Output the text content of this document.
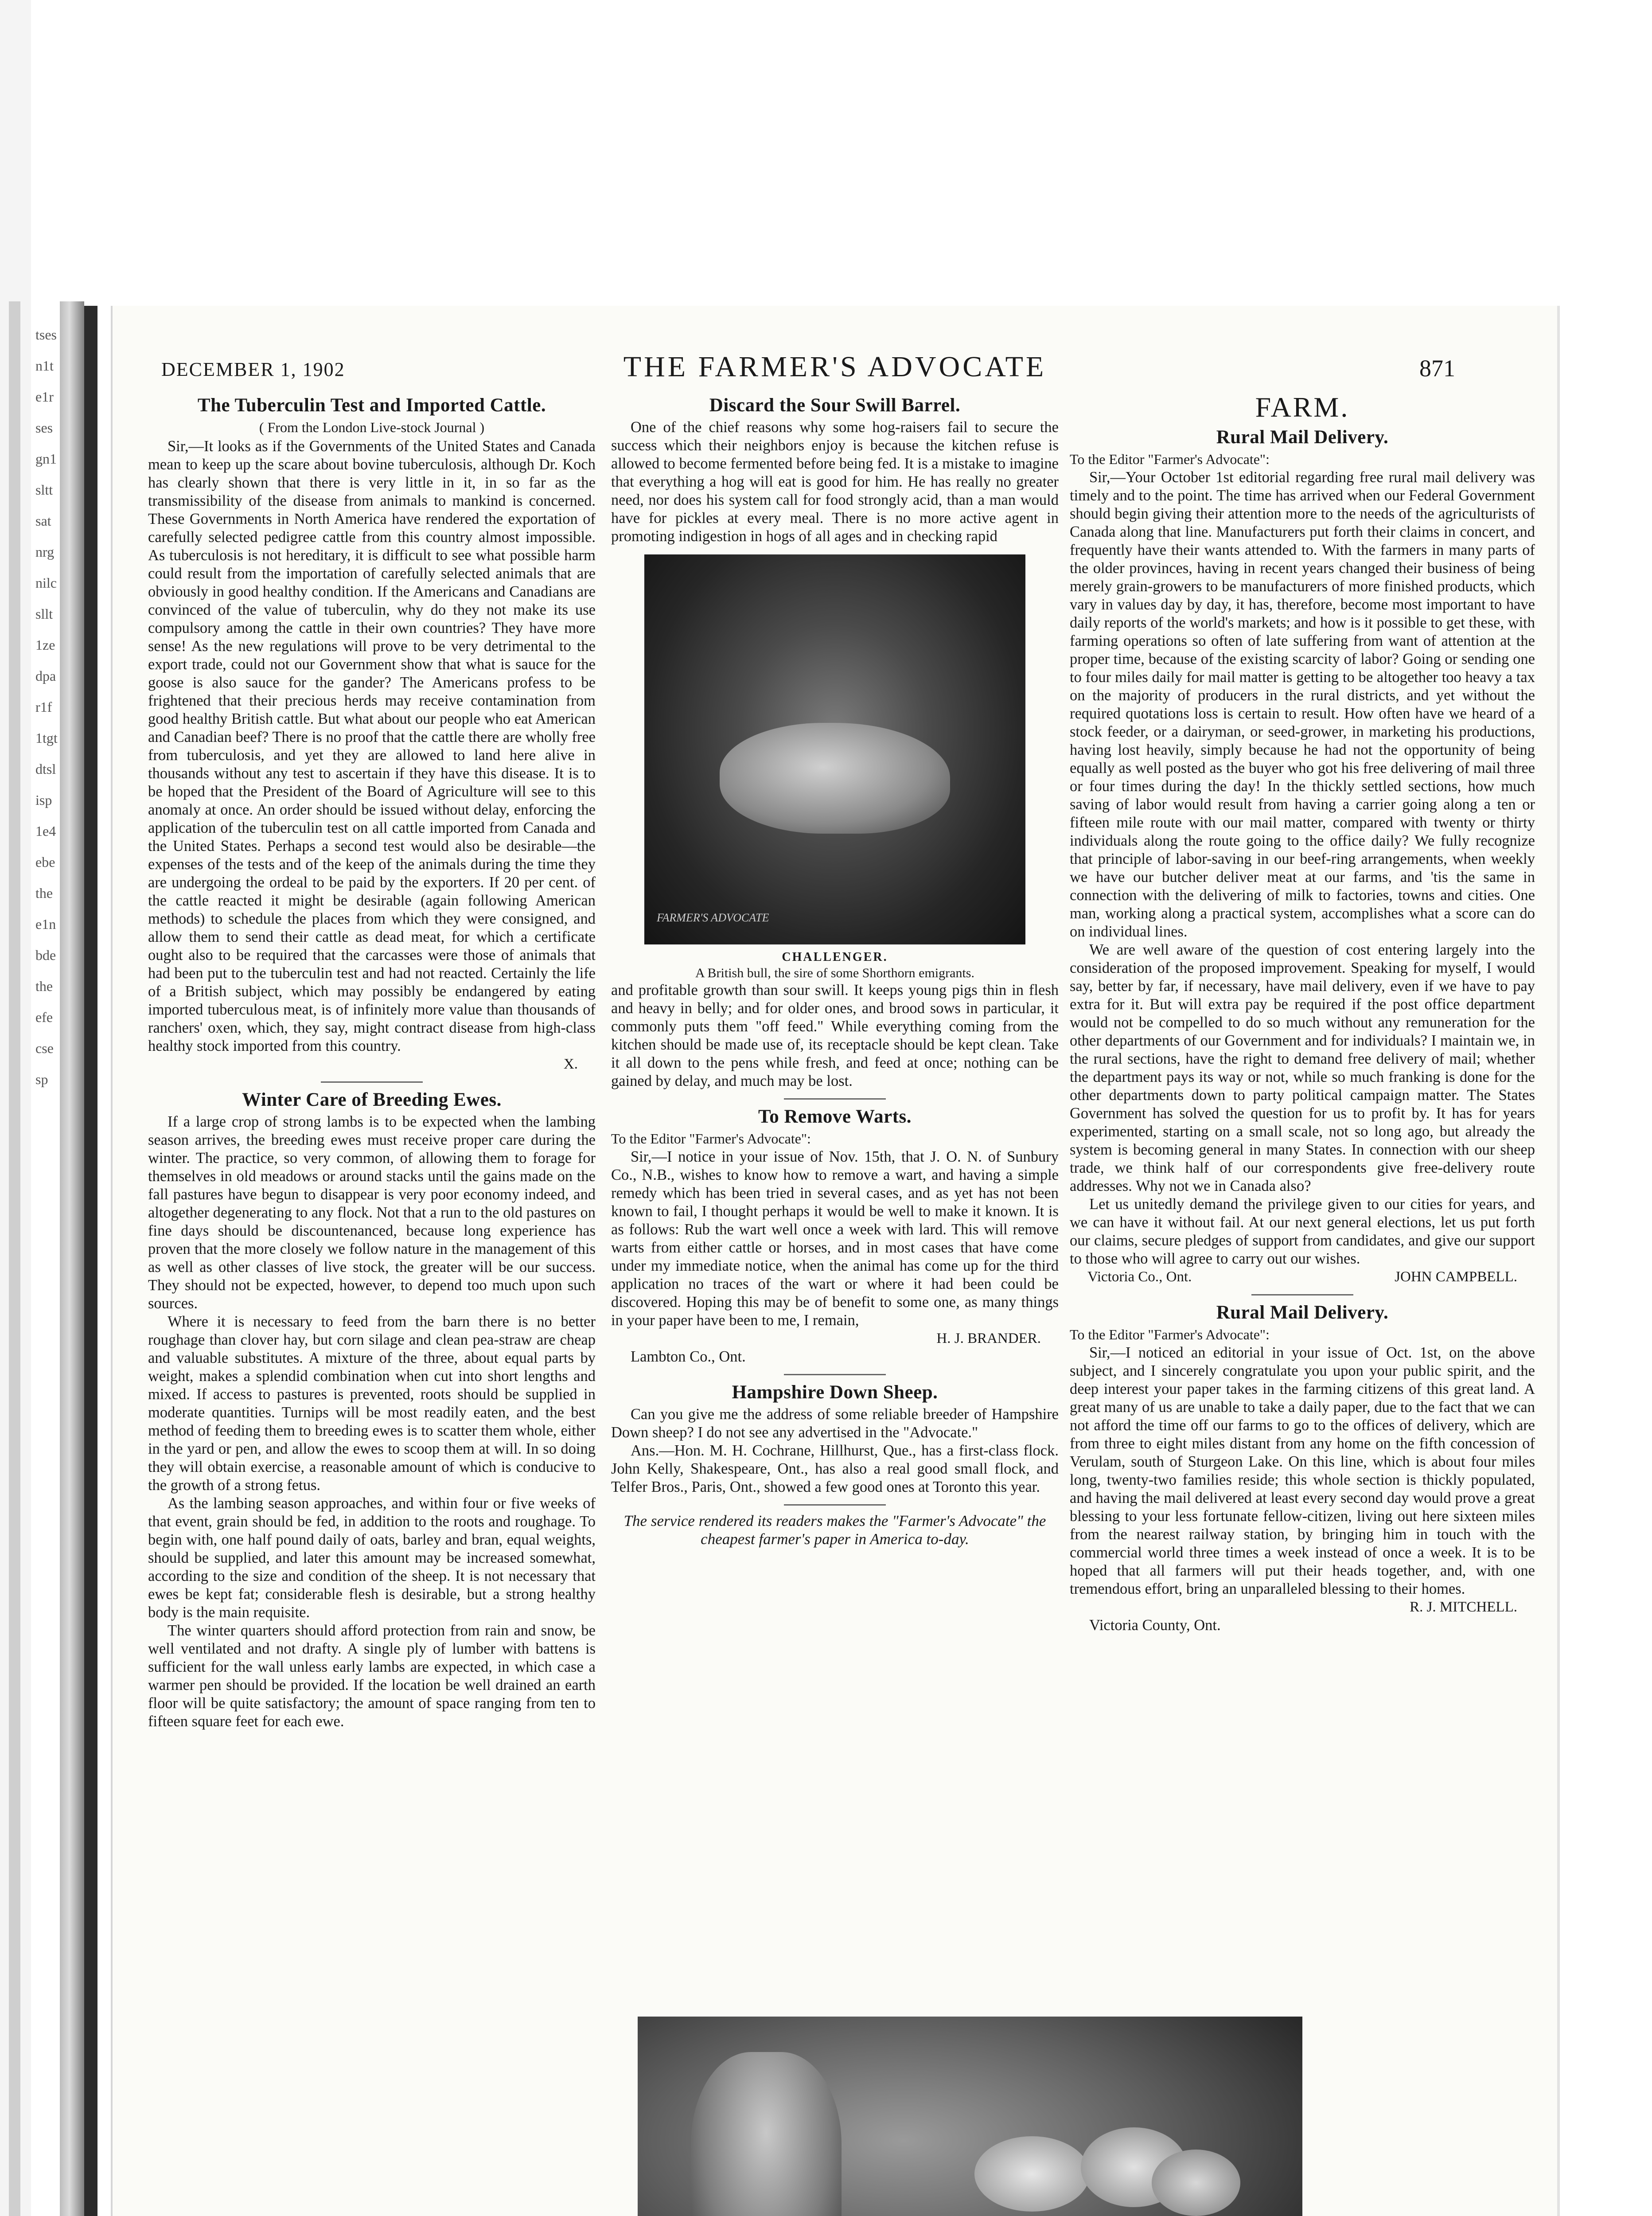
tsesn1te1rsesgn1slttsatnrgnilcsllt1zedpar1f1tgtdtslisp1e4ebethee1nbdetheefecsesp
DECEMBER 1, 1902	THE FARMER'S ADVOCATE	871
The Tuberculin Test and Imported Cattle.
( From the London Live-stock Journal )

Sir,—It looks as if the Governments of the United States and Canada mean to keep up the scare about bovine tuberculosis, although Dr. Koch has clearly shown that there is very little in it, in so far as the transmissibility of the disease from animals to mankind is concerned. These Governments in North America have rendered the exportation of carefully selected pedigree cattle from this country almost impossible. As tuberculosis is not hereditary, it is difficult to see what possible harm could result from the importation of carefully selected animals that are obviously in good healthy condition. If the Americans and Canadians are convinced of the value of tuberculin, why do they not make its use compulsory among the cattle in their own countries? They have more sense! As the new regulations will prove to be very detrimental to the export trade, could not our Government show that what is sauce for the goose is also sauce for the gander? The Americans profess to be frightened that their precious herds may receive contamination from good healthy British cattle. But what about our people who eat American and Canadian beef? There is no proof that the cattle there are wholly free from tuberculosis, and yet they are allowed to land here alive in thousands without any test to ascertain if they have this disease. It is to be hoped that the President of the Board of Agriculture will see to this anomaly at once. An order should be issued without delay, enforcing the application of the tuberculin test on all cattle imported from Canada and the United States. Perhaps a second test would also be desirable—the expenses of the tests and of the keep of the animals during the time they are undergoing the ordeal to be paid by the exporters. If 20 per cent. of the cattle reacted it might be desirable (again following American methods) to schedule the places from which they were consigned, and allow them to send their cattle as dead meat, for which a certificate ought also to be required that the carcasses were those of animals that had been put to the tuberculin test and had not reacted. Certainly the life of a British subject, which may possibly be endangered by eating imported tuberculous meat, is of infinitely more value than thousands of ranchers' oxen, which, they say, might contract disease from high-class healthy stock imported from this country.

X.
Winter Care of Breeding Ewes.

If a large crop of strong lambs is to be expected when the lambing season arrives, the breeding ewes must receive proper care during the winter. The practice, so very common, of allowing them to forage for themselves in old meadows or around stacks until the gains made on the fall pastures have begun to disappear is very poor economy indeed, and altogether degenerating to any flock. Not that a run to the old pastures on fine days should be discountenanced, because long experience has proven that the more closely we follow nature in the management of this as well as other classes of live stock, the greater will be our success. They should not be expected, however, to depend too much upon such sources.

Where it is necessary to feed from the barn there is no better roughage than clover hay, but corn silage and clean pea-straw are cheap and valuable substitutes. A mixture of the three, about equal parts by weight, makes a splendid combination when cut into short lengths and mixed. If access to pastures is prevented, roots should be supplied in moderate quantities. Turnips will be most readily eaten, and the best method of feeding them to breeding ewes is to scatter them whole, either in the yard or pen, and allow the ewes to scoop them at will. In so doing they will obtain exercise, a reasonable amount of which is conducive to the growth of a strong fetus.

As the lambing season approaches, and within four or five weeks of that event, grain should be fed, in addition to the roots and roughage. To begin with, one half pound daily of oats, barley and bran, equal weights, should be supplied, and later this amount may be increased somewhat, according to the size and condition of the sheep. It is not necessary that ewes be kept fat; considerable flesh is desirable, but a strong healthy body is the main requisite.

The winter quarters should afford protection from rain and snow, be well ventilated and not drafty. A single ply of lumber with battens is sufficient for the wall unless early lambs are expected, in which case a warmer pen should be provided. If the location be well drained an earth floor will be quite satisfactory; the amount of space ranging from ten to fifteen square feet for each ewe.

Discard the Sour Swill Barrel.

One of the chief reasons why some hog-raisers fail to secure the success which their neighbors enjoy is because the kitchen refuse is allowed to become fermented before being fed. It is a mistake to imagine that everything a hog will eat is good for him. He has really no greater need, nor does his system call for food strongly acid, than a man would have for pickles at every meal. There is no more active agent in promoting indigestion in hogs of all ages and in checking rapid

FARMER'S ADVOCATE
CHALLENGER.
A British bull, the sire of some Shorthorn emigrants.

and profitable growth than sour swill. It keeps young pigs thin in flesh and heavy in belly; and for older ones, and brood sows in particular, it commonly puts them "off feed." While everything coming from the kitchen should be made use of, its receptacle should be kept clean. Take it all down to the pens while fresh, and feed at once; nothing can be gained by delay, and much may be lost.

To Remove Warts.

To the Editor "Farmer's Advocate":

Sir,—I notice in your issue of Nov. 15th, that J. O. N. of Sunbury Co., N.B., wishes to know how to remove a wart, and having a simple remedy which has been tried in several cases, and as yet has not been known to fail, I thought perhaps it would be well to make it known. It is as follows: Rub the wart well once a week with lard. This will remove warts from either cattle or horses, and in most cases that have come under my immediate notice, when the animal has come up for the third application no traces of the wart or where it had been could be discovered. Hoping this may be of benefit to some one, as many things in your paper have been to me, I remain,

H. J. BRANDER.

Lambton Co., Ont.

Hampshire Down Sheep.

Can you give me the address of some reliable breeder of Hampshire Down sheep? I do not see any advertised in the "Advocate."

Ans.—Hon. M. H. Cochrane, Hillhurst, Que., has a first-class flock. John Kelly, Shakespeare, Ont., has also a real good small flock, and Telfer Bros., Paris, Ont., showed a few good ones at Toronto this year.

The service rendered its readers makes the "Farmer's Advocate" the cheapest farmer's paper in America to-day.
FARM.
Rural Mail Delivery.

To the Editor "Farmer's Advocate":

Sir,—Your October 1st editorial regarding free rural mail delivery was timely and to the point. The time has arrived when our Federal Government should begin giving their attention more to the needs of the agriculturists of Canada along that line. Manufacturers put forth their claims in concert, and frequently have their wants attended to. With the farmers in many parts of the older provinces, having in recent years changed their business of being merely grain-growers to be manufacturers of more finished products, which vary in values day by day, it has, therefore, become most important to have daily reports of the world's markets; and how is it possible to get these, with farming operations so often of late suffering from want of attention at the proper time, because of the existing scarcity of labor? Going or sending one to four miles daily for mail matter is getting to be altogether too heavy a tax on the majority of producers in the rural districts, and yet without the required quotations loss is certain to result. How often have we heard of a stock feeder, or a dairyman, or seed-grower, in marketing his productions, having lost heavily, simply because he had not the opportunity of being equally as well posted as the buyer who got his free delivering of mail three or four times during the day! In the thickly settled sections, how much saving of labor would result from having a carrier going along a ten or fifteen mile route with our mail matter, compared with twenty or thirty individuals along the route going to the office daily? We fully recognize that principle of labor-saving in our beef-ring arrangements, when weekly we have our butcher deliver meat at our farms, and 'tis the same in connection with the delivering of milk to factories, towns and cities. One man, working along a practical system, accomplishes what a score can do on individual lines.

We are well aware of the question of cost entering largely into the consideration of the proposed improvement. Speaking for myself, I would say, better by far, if necessary, have mail delivery, even if we have to pay extra for it. But will extra pay be required if the post office department would not be compelled to do so much without any remuneration for the other departments of our Government and for individuals? I maintain we, in the rural sections, have the right to demand free delivery of mail; whether the department pays its way or not, while so much franking is done for the other departments down to party political campaign matter. The States Government has solved the question for us to profit by. It has for years experimented, starting on a small scale, not so long ago, but already the system is becoming general in many States. In connection with our sheep trade, we think half of our correspondents give free-delivery route addresses. Why not we in Canada also?

Let us unitedly demand the privilege given to our cities for years, and we can have it without fail. At our next general elections, let us put forth our claims, secure pledges of support from candidates, and give our support to those who will agree to carry out our wishes.

Victoria Co., Ont.	JOHN CAMPBELL.
Rural Mail Delivery.

To the Editor "Farmer's Advocate":

Sir,—I noticed an editorial in your issue of Oct. 1st, on the above subject, and I sincerely congratulate you upon your public spirit, and the deep interest your paper takes in the farming citizens of this great land. A great many of us are unable to take a daily paper, due to the fact that we can not afford the time off our farms to go to the offices of delivery, which are from three to eight miles distant from any home on the fifth concession of Verulam, south of Sturgeon Lake. On this line, which is about four miles long, twenty-two families reside; this whole section is thickly populated, and having the mail delivered at least every second day would prove a great blessing to your less fortunate fellow-citizen, living out here sixteen miles from the nearest railway station, by bringing him in touch with the commercial world three times a week instead of once a week. It is to be hoped that all farmers will put their heads together, and, with one tremendous effort, bring an unparalleled blessing to their homes.

R. J. MITCHELL.

Victoria County, Ont.
